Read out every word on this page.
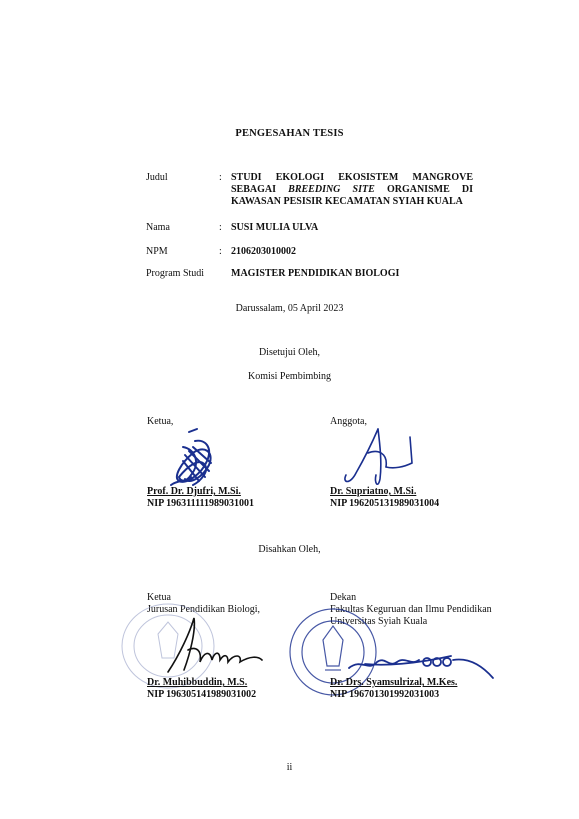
PENGESAHAN TESIS
Judul	: STUDI EKOLOGI EKOSISTEM MANGROVE
SEBAGAI BREEDING SITE ORGANISME DI
KAWASAN PESISIR KECAMATAN SYIAH KUALA
Nama	: SUSI MULIA ULVA
NPM	: 2106203010002
Program Studi	MAGISTER PENDIDIKAN BIOLOGI
Darussalam, 05 April 2023
Disetujui Oleh,
Komisi Pembimbing
Ketua,	Anggota,
Prof. Dr. Djufri, M.Si.
NIP 196311111989031001
Dr. Supriatno, M.Si.
NIP 196205131989031004
Disahkan Oleh,
Ketua
Jurusan Pendidikan Biologi,
Dekan
Fakultas Keguruan dan Ilmu Pendidikan
Universitas Syiah Kuala
Dr. Muhibbuddin, M.S.
NIP 196305141989031002
Dr. Drs. Syamsulrizal, M.Kes.
NIP 196701301992031003
ii
